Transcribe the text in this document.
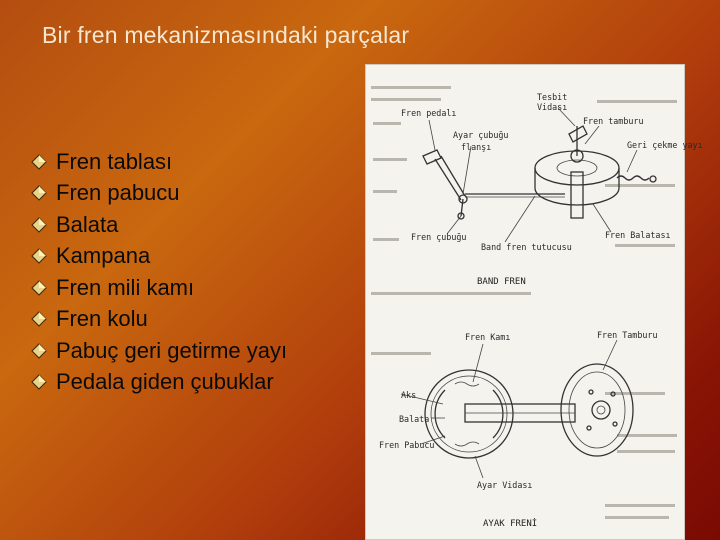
Bir fren mekanizmasındaki parçalar
Fren tablası
Fren pabucu
Balata
Kampana
Fren mili kamı
Fren kolu
Pabuç geri getirme yayı
Pedala giden çubuklar
Tesbit
Vidası
Fren pedalı
Fren tamburu
Ayar çubuğu
flanşı	Geri çekme yayı
Fren çubuğu
Band fren tutucusu
Fren Balatası
BAND FREN
Fren Kamı	Fren Tamburu
Aks
Balata
Fren Pabucu
Ayar Vidası
AYAK FRENİ
